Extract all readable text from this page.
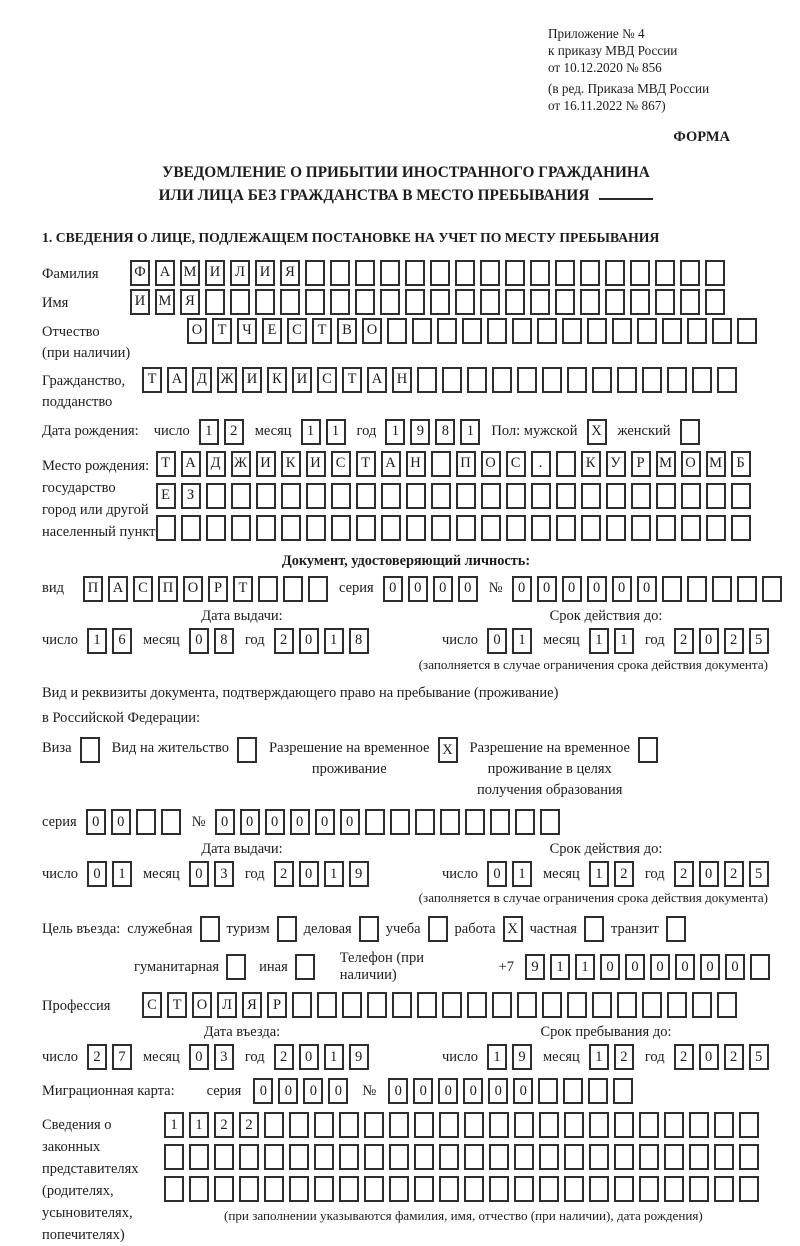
Приложение № 4
к приказу МВД России
от 10.12.2020 № 856
(в ред. Приказа МВД России
от 16.11.2022 № 867)
ФОРМА
УВЕДОМЛЕНИЕ О ПРИБЫТИИ ИНОСТРАННОГО ГРАЖДАНИНА
ИЛИ ЛИЦА БЕЗ ГРАЖДАНСТВА В МЕСТО ПРЕБЫВАНИЯ
1. СВЕДЕНИЯ О ЛИЦЕ, ПОДЛЕЖАЩЕМ ПОСТАНОВКЕ НА УЧЕТ ПО МЕСТУ ПРЕБЫВАНИЯ
Фамилия	Ф А М И	Л	И	Я
Имя	И М Я
Отчество
(при наличии)
О	Т	Ч	Е	С	Т	В	О
Гражданство,
подданство
Т	А	Д Ж И	К	И	С	Т	А	Н
Дата рождения: число	1	2	месяц	1	1	год	1	9	8	1	Пол: мужской X	женский
Место рождения:
государство
город или другой
населенный пункт
Т	А	Д Ж И	К	И	С	Т	А	Н	П	О	С	.	К	У	Р	М О М Б
Е	З
Документ, удостоверяющий личность:
вид	П	А	С	П	О	Р	Т	серия	0	0	0	0	№	0	0	0	0	0	0
Дата выдачи:
число	1	6	месяц	0	8	год	2	0	1	8
Срок действия до:
число	0	1	месяц	1	1	год	2	0	2	5
(заполняется в случае ограничения срока действия документа)
Вид и реквизиты документа, подтверждающего право на пребывание (проживание)
в Российской Федерации:
Виза	Вид на жительство	Разрешение на временное
проживание
X	Разрешение на временное
проживание в целях
получения образования
серия	0	0	№	0	0	0	0	0	0
Дата выдачи:
число	0	1	месяц	0	3	год	2	0	1	9
Срок действия до:
число	0	1	месяц	1	2	год	2	0	2	5
(заполняется в случае ограничения срока действия документа)
Цель въезда: служебная туризм деловая учеба работа X частная транзит
гуманитарная	иная
Телефон (при наличии)
+7	9	1	1	0	0	0	0	0	0
Профессия	С	Т	О	Л	Я	Р
Дата въезда:
число	2	7	месяц	0	3	год	2	0	1	9
Срок пребывания до:
число	1	9	месяц	1	2	год	2	0	2	5
Миграционная карта: серия	0	0	0	0	№	0	0	0	0	0	0
Сведения о
законных
представителях
(родителях,
усыновителях,
попечителях)
1	1	2	2
(при заполнении указываются фамилия, имя, отчество (при наличии), дата рождения)
